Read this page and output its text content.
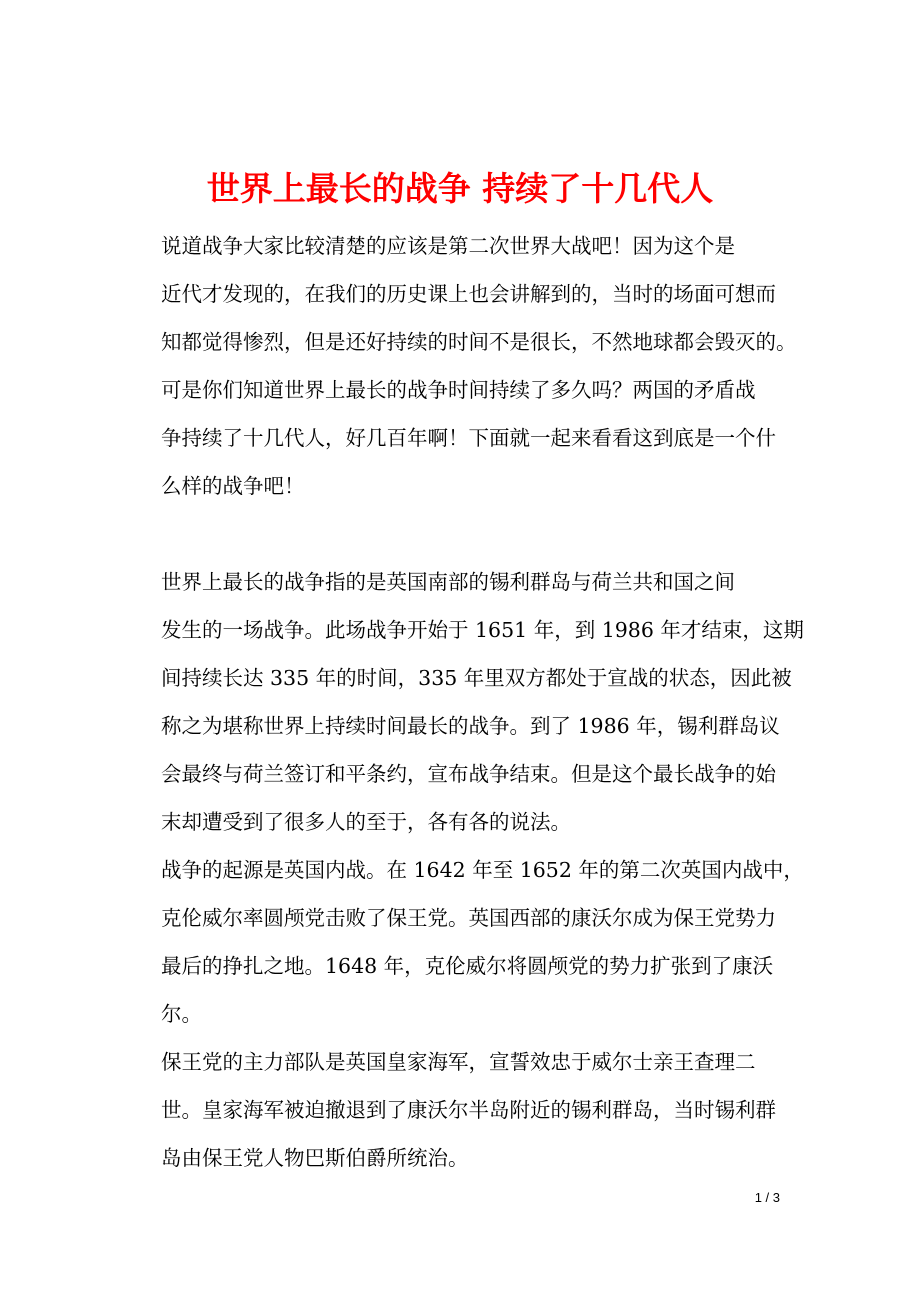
世界上最长的战争 持续了十几代人

说道战争大家比较清楚的应该是第二次世界大战吧！因为这个是
近代才发现的，在我们的历史课上也会讲解到的，当时的场面可想而
知都觉得惨烈，但是还好持续的时间不是很长，不然地球都会毁灭的。
可是你们知道世界上最长的战争时间持续了多久吗？两国的矛盾战
争持续了十几代人，好几百年啊！下面就一起来看看这到底是一个什
么样的战争吧！

世界上最长的战争指的是英国南部的锡利群岛与荷兰共和国之间
发生的一场战争。此场战争开始于 1651 年，到 1986 年才结束，这期
间持续长达 335 年的时间，335 年里双方都处于宣战的状态，因此被
称之为堪称世界上持续时间最长的战争。到了 1986 年，锡利群岛议
会最终与荷兰签订和平条约，宣布战争结束。但是这个最长战争的始
末却遭受到了很多人的至于，各有各的说法。

战争的起源是英国内战。在 1642 年至 1652 年的第二次英国内战中，
克伦威尔率圆颅党击败了保王党。英国西部的康沃尔成为保王党势力
最后的挣扎之地。1648 年，克伦威尔将圆颅党的势力扩张到了康沃
尔。

保王党的主力部队是英国皇家海军，宣誓效忠于威尔士亲王查理二
世。皇家海军被迫撤退到了康沃尔半岛附近的锡利群岛，当时锡利群
岛由保王党人物巴斯伯爵所统治。

1 / 3
